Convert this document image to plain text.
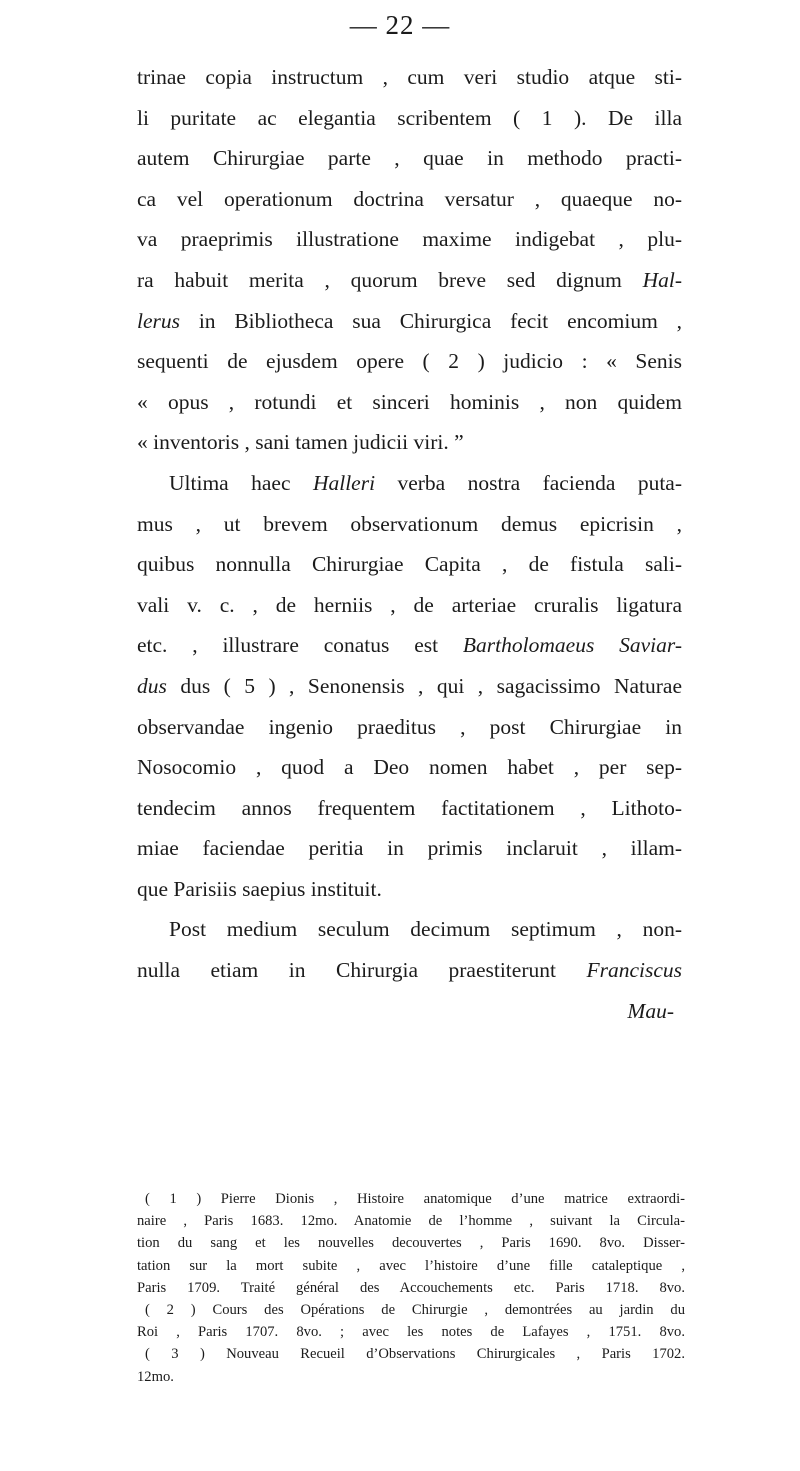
— 22 —
trinae copia instructum , cum veri studio atque sti-
li puritate ac elegantia scribentem ( 1 ). De illa
autem Chirurgiae parte , quae in methodo practi-
ca vel operationum doctrina versatur , quaeque no-
va praeprimis illustratione maxime indigebat , plu-
ra habuit merita , quorum breve sed dignum Hal-
lerus in Bibliotheca sua Chirurgica fecit encomium ,
sequenti de ejusdem opere ( 2 ) judicio : « Senis
« opus , rotundi et sinceri hominis , non quidem
« inventoris , sani tamen judicii viri. ”
Ultima haec Halleri verba nostra facienda puta-
mus , ut brevem observationum demus epicrisin ,
quibus nonnulla Chirurgiae Capita , de fistula sali-
vali v. c. , de herniis , de arteriae cruralis ligatura
etc. , illustrare conatus est Bartholomaeus Saviar-
dus dus ( 5 ) , Senonensis , qui , sagacissimo Naturae
observandae ingenio praeditus , post Chirurgiae in
Nosocomio , quod a Deo nomen habet , per sep-
tendecim annos frequentem factitationem , Lithoto-
miae faciendae peritia in primis inclaruit , illam-
que Parisiis saepius instituit.
Post medium seculum decimum septimum , non-
nulla etiam in Chirurgia praestiterunt Franciscus
Mau-
( 1 ) Pierre Dionis , Histoire anatomique d’une matrice extraordi-
naire , Paris 1683. 12mo. Anatomie de l’homme , suivant la Circula-
tion du sang et les nouvelles decouvertes , Paris 1690. 8vo. Disser-
tation sur la mort subite , avec l’histoire d’une fille cataleptique ,
Paris 1709. Traité général des Accouchements etc. Paris 1718. 8vo.
( 2 ) Cours des Opérations de Chirurgie , demontrées au jardin du
Roi , Paris 1707. 8vo. ; avec les notes de Lafayes , 1751. 8vo.
( 3 ) Nouveau Recueil d’Observations Chirurgicales , Paris 1702.
12mo.
